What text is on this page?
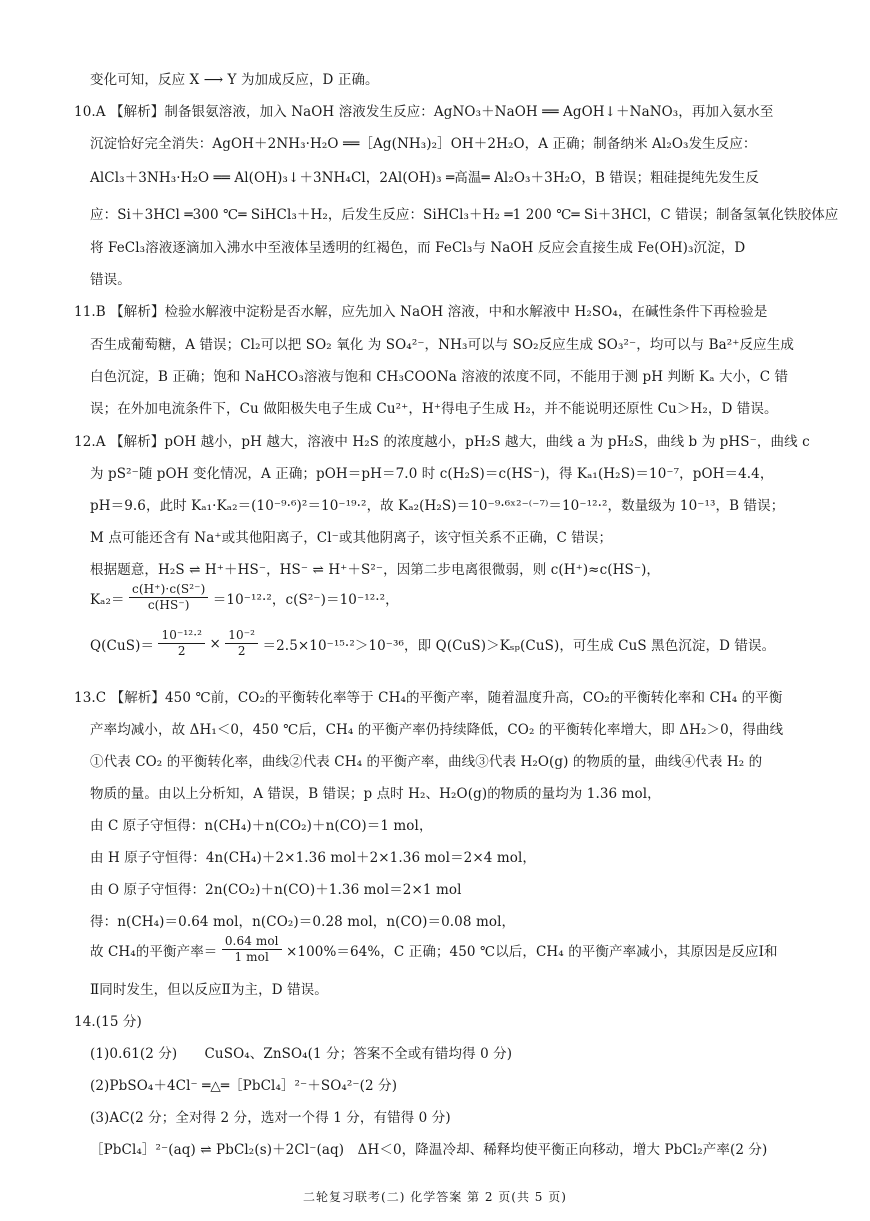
变化可知，反应 X ⟶ Y 为加成反应，D 正确。
10.A 【解析】制备银氨溶液，加入 NaOH 溶液发生反应：AgNO₃＋NaOH ══ AgOH↓＋NaNO₃，再加入氨水至
沉淀恰好完全消失：AgOH＋2NH₃·H₂O ══［Ag(NH₃)₂］OH＋2H₂O，A 正确；制备纳米 Al₂O₃发生反应：
AlCl₃＋3NH₃·H₂O ══ Al(OH)₃↓＋3NH₄Cl，2Al(OH)₃ ═高温═ Al₂O₃＋3H₂O，B 错误；粗硅提纯先发生反
应：Si＋3HCl ═300 ℃═ SiHCl₃＋H₂，后发生反应：SiHCl₃＋H₂ ═1 200 ℃═ Si＋3HCl，C 错误；制备氢氧化铁胶体应
将 FeCl₃溶液逐滴加入沸水中至液体呈透明的红褐色，而 FeCl₃与 NaOH 反应会直接生成 Fe(OH)₃沉淀，D
错误。
11.B 【解析】检验水解液中淀粉是否水解，应先加入 NaOH 溶液，中和水解液中 H₂SO₄，在碱性条件下再检验是
否生成葡萄糖，A 错误；Cl₂可以把 SO₂ 氧化 为 SO₄²⁻，NH₃可以与 SO₂反应生成 SO₃²⁻，均可以与 Ba²⁺反应生成
白色沉淀，B 正确；饱和 NaHCO₃溶液与饱和 CH₃COONa 溶液的浓度不同，不能用于测 pH 判断 Kₐ 大小，C 错
误；在外加电流条件下，Cu 做阳极失电子生成 Cu²⁺，H⁺得电子生成 H₂，并不能说明还原性 Cu＞H₂，D 错误。
12.A 【解析】pOH 越小，pH 越大，溶液中 H₂S 的浓度越小，pH₂S 越大，曲线 a 为 pH₂S，曲线 b 为 pHS⁻，曲线 c
为 pS²⁻随 pOH 变化情况，A 正确；pOH＝pH＝7.0 时 c(H₂S)＝c(HS⁻)，得 Kₐ₁(H₂S)＝10⁻⁷，pOH＝4.4，
pH＝9.6，此时 Kₐ₁·Kₐ₂＝(10⁻⁹·⁶)²＝10⁻¹⁹·²，故 Kₐ₂(H₂S)＝10⁻⁹·⁶ˣ²⁻⁽⁻⁷⁾＝10⁻¹²·²，数量级为 10⁻¹³，B 错误；
M 点可能还含有 Na⁺或其他阳离子，Cl⁻或其他阴离子，该守恒关系不正确，C 错误；
根据题意，H₂S ⇌ H⁺＋HS⁻，HS⁻ ⇌ H⁺＋S²⁻，因第二步电离很微弱，则 c(H⁺)≈c(HS⁻)，
$K_{a2}= \frac{\text{c(H⁺)·c(S²⁻)}}{c(HS^-)} =10^{-12}\cdot^2$，c(S²⁻)＝10⁻¹²·²，
$Q(CuS)= \frac{\text{10⁻¹²·²}}{2} \times \frac{\text{10⁻²}}{2} =2.5\times 10^{-15}\cdot^2>10^{-36}$，即 Q(CuS)＞Kₛₚ(CuS)，可生成 CuS 黑色沉淀，D 错误。
13.C 【解析】450 ℃前，CO₂的平衡转化率等于 CH₄的平衡产率，随着温度升高，CO₂的平衡转化率和 CH₄ 的平衡
产率均减小，故 ΔH₁＜0，450 ℃后，CH₄ 的平衡产率仍持续降低，CO₂ 的平衡转化率增大，即 ΔH₂＞0，得曲线
①代表 CO₂ 的平衡转化率，曲线②代表 CH₄ 的平衡产率，曲线③代表 H₂O(g) 的物质的量，曲线④代表 H₂ 的
物质的量。由以上分析知，A 错误，B 错误；p 点时 H₂、H₂O(g)的物质的量均为 1.36 mol，
由 C 原子守恒得：n(CH₄)＋n(CO₂)＋n(CO)＝1 mol，
由 H 原子守恒得：4n(CH₄)＋2×1.36 mol＋2×1.36 mol＝2×4 mol，
由 O 原子守恒得：2n(CO₂)＋n(CO)＋1.36 mol＝2×1 mol
得：n(CH₄)＝0.64 mol，n(CO₂)＝0.28 mol，n(CO)＝0.08 mol，
故 CH₄的平衡产率＝ $\frac{\text{0.64 mol}}{\text{1 mol}} \times 100\%=64\%$，C 正确；450 ℃以后，CH₄ 的平衡产率减小，其原因是反应Ⅰ和
Ⅱ同时发生，但以反应Ⅱ为主，D 错误。
14.(15 分)
(1)0.61(2 分)　　CuSO₄、ZnSO₄(1 分；答案不全或有错均得 0 分)
(2)PbSO₄＋4Cl⁻ ═△═［PbCl₄］²⁻＋SO₄²⁻(2 分)
(3)AC(2 分；全对得 2 分，选对一个得 1 分，有错得 0 分)
［PbCl₄］²⁻(aq) ⇌ PbCl₂(s)＋2Cl⁻(aq)　ΔH＜0，降温冷却、稀释均使平衡正向移动，增大 PbCl₂产率(2 分)
二轮复习联考(二) 化学答案 第 2 页(共 5 页)
